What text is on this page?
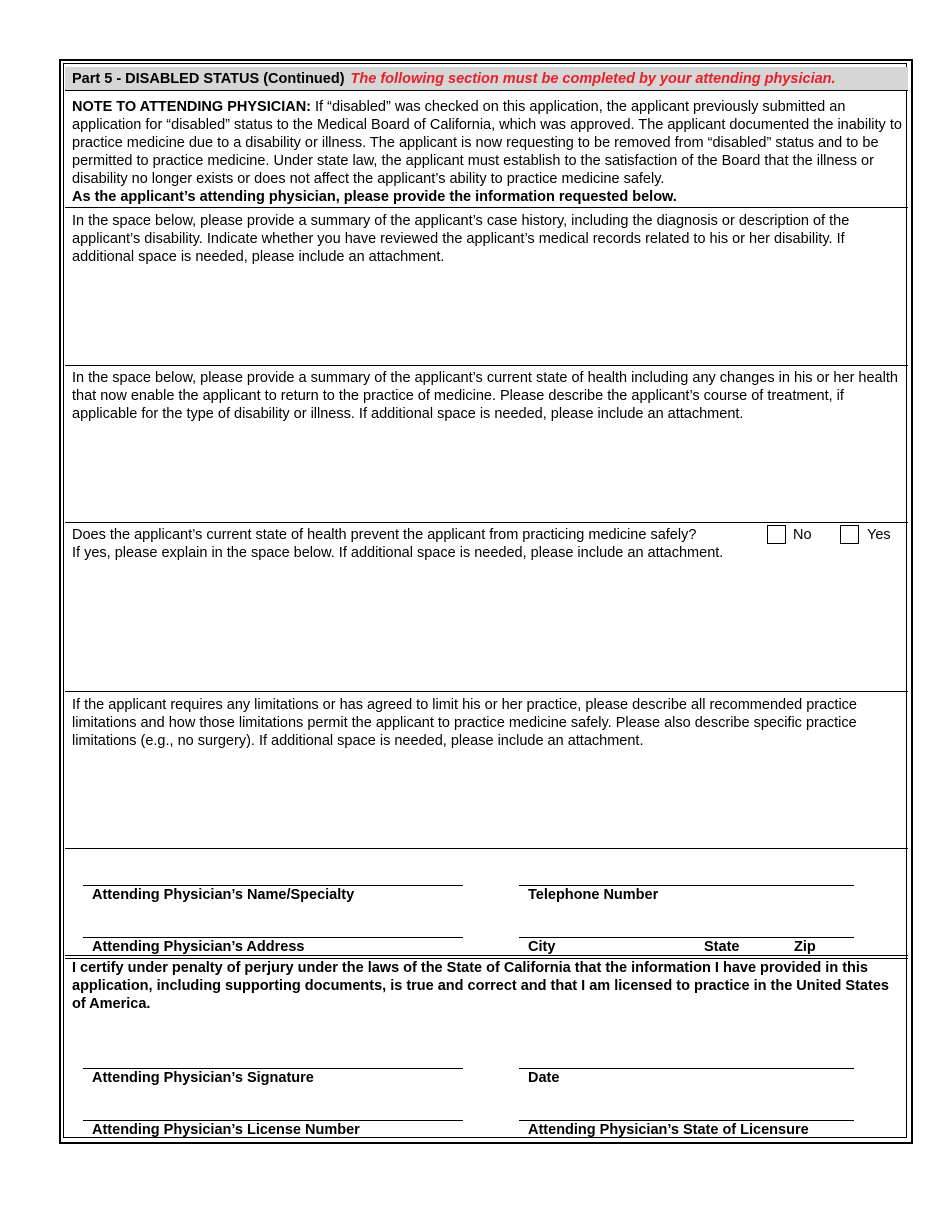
Part 5 - DISABLED STATUS (Continued) The following section must be completed by your attending physician.

NOTE TO ATTENDING PHYSICIAN: If “disabled” was checked on this application, the applicant previously submitted an application for “disabled” status to the Medical Board of California, which was approved. The applicant documented the inability to practice medicine due to a disability or illness. The applicant is now requesting to be removed from “disabled” status and to be permitted to practice medicine. Under state law, the applicant must establish to the satisfaction of the Board that the illness or disability no longer exists or does not affect the applicant’s ability to practice medicine safely.
As the applicant’s attending physician, please provide the information requested below.

In the space below, please provide a summary of the applicant’s case history, including the diagnosis or description of the applicant’s disability. Indicate whether you have reviewed the applicant’s medical records related to his or her disability. If additional space is needed, please include an attachment.

In the space below, please provide a summary of the applicant’s current state of health including any changes in his or her health that now enable the applicant to return to the practice of medicine. Please describe the applicant’s course of treatment, if applicable for the type of disability or illness. If additional space is needed, please include an attachment.

Does the applicant’s current state of health prevent the applicant from practicing medicine safely?
If yes, please explain in the space below. If additional space is needed, please include an attachment.

No	Yes

If the applicant requires any limitations or has agreed to limit his or her practice, please describe all recommended practice limitations and how those limitations permit the applicant to practice medicine safely. Please also describe specific practice limitations (e.g., no surgery). If additional space is needed, please include an attachment.

Attending Physician’s Name/Specialty	Telephone Number
Attending Physician’s Address	City	State	Zip

I certify under penalty of perjury under the laws of the State of California that the information I have provided in this application, including supporting documents, is true and correct and that I am licensed to practice in the United States of America.

Attending Physician’s Signature	Date
Attending Physician’s License Number	Attending Physician’s State of Licensure
